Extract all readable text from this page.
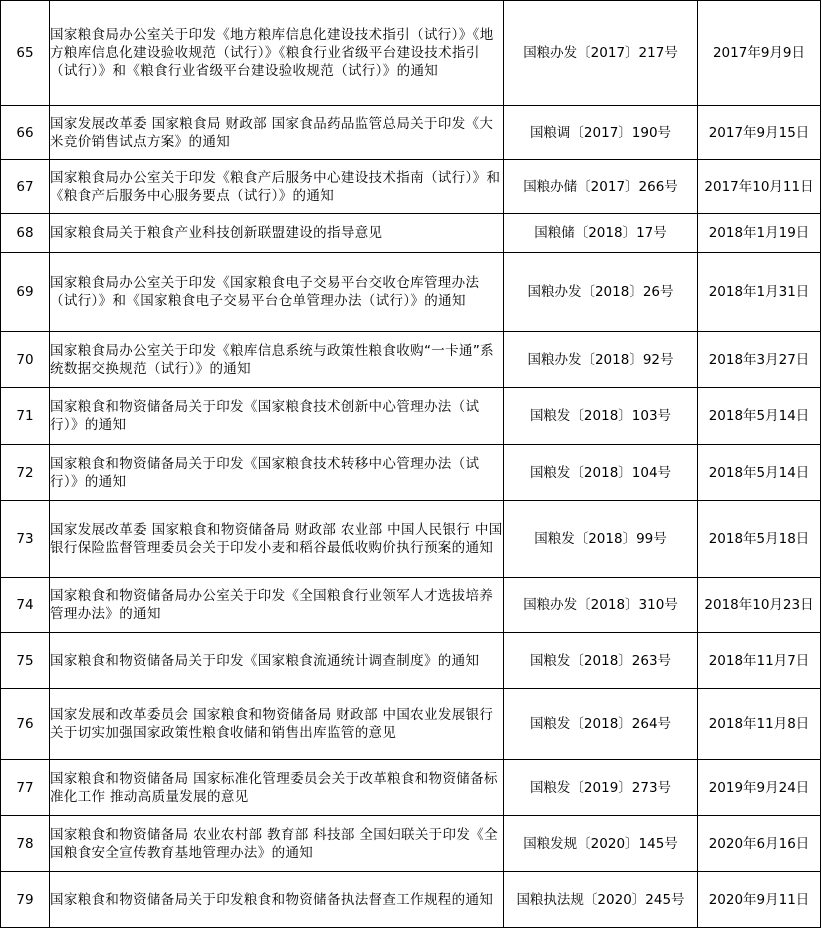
65	国家粮食局办公室关于印发《地方粮库信息化建设技术指引（试行）》《地方粮库信息化建设验收规范（试行）》《粮食行业省级平台建设技术指引（试行）》和《粮食行业省级平台建设验收规范（试行）》的通知	国粮办发〔2017〕217号	2017年9月9日
66	国家发展改革委 国家粮食局 财政部 国家食品药品监管总局关于印发《大米竞价销售试点方案》的通知	国粮调〔2017〕190号	2017年9月15日
67	国家粮食局办公室关于印发《粮食产后服务中心建设技术指南（试行）》和《粮食产后服务中心服务要点（试行）》的通知	国粮办储〔2017〕266号	2017年10月11日
68	国家粮食局关于粮食产业科技创新联盟建设的指导意见	国粮储〔2018〕17号	2018年1月19日
69	国家粮食局办公室关于印发《国家粮食电子交易平台交收仓库管理办法（试行）》和《国家粮食电子交易平台仓单管理办法（试行）》的通知	国粮办发〔2018〕26号	2018年1月31日
70	国家粮食局办公室关于印发《粮库信息系统与政策性粮食收购“一卡通”系统数据交换规范（试行）》的通知	国粮办发〔2018〕92号	2018年3月27日
71	国家粮食和物资储备局关于印发《国家粮食技术创新中心管理办法（试行）》的通知	国粮发〔2018〕103号	2018年5月14日
72	国家粮食和物资储备局关于印发《国家粮食技术转移中心管理办法（试行）》的通知	国粮发〔2018〕104号	2018年5月14日
73	国家发展改革委 国家粮食和物资储备局 财政部 农业部 中国人民银行 中国银行保险监督管理委员会关于印发小麦和稻谷最低收购价执行预案的通知	国粮发〔2018〕99号	2018年5月18日
74	国家粮食和物资储备局办公室关于印发《全国粮食行业领军人才选拔培养管理办法》的通知	国粮办发〔2018〕310号	2018年10月23日
75	国家粮食和物资储备局关于印发《国家粮食流通统计调查制度》的通知	国粮发〔2018〕263号	2018年11月7日
76	国家发展和改革委员会 国家粮食和物资储备局 财政部 中国农业发展银行关于切实加强国家政策性粮食收储和销售出库监管的意见	国粮发〔2018〕264号	2018年11月8日
77	国家粮食和物资储备局 国家标准化管理委员会关于改革粮食和物资储备标准化工作 推动高质量发展的意见	国粮发〔2019〕273号	2019年9月24日
78	国家粮食和物资储备局 农业农村部 教育部 科技部 全国妇联关于印发《全国粮食安全宣传教育基地管理办法》的通知	国粮发规〔2020〕145号	2020年6月16日
79	国家粮食和物资储备局关于印发粮食和物资储备执法督查工作规程的通知	国粮执法规〔2020〕245号	2020年9月11日
